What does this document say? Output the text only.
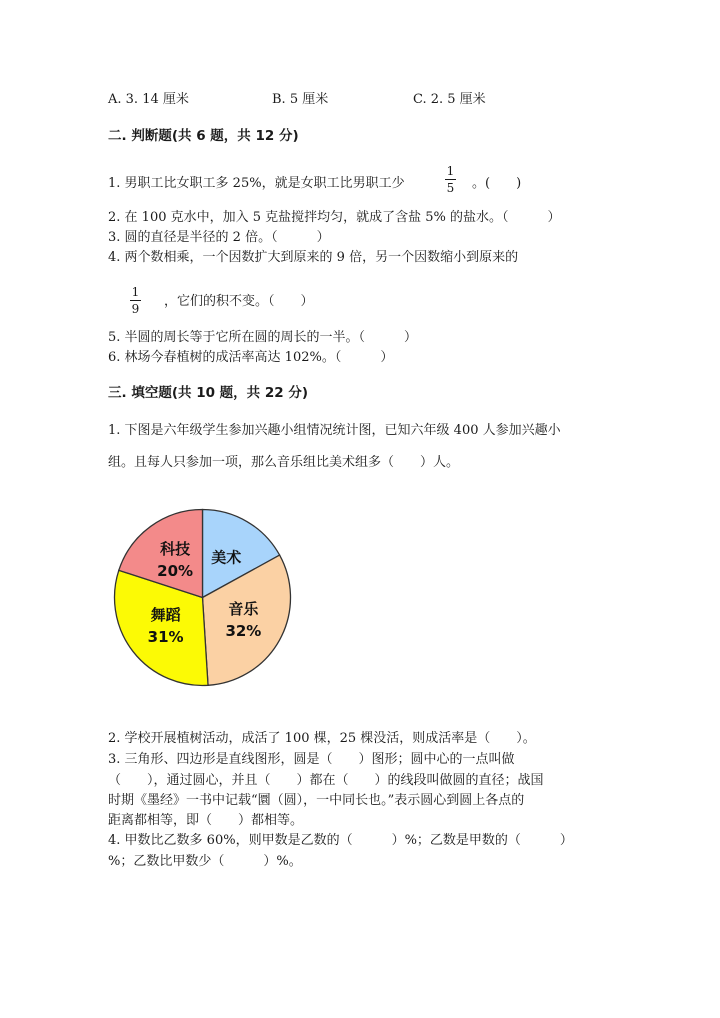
A. 3. 14 厘米	B. 5 厘米	C. 2. 5 厘米
二. 判断题(共 6 题，共 12 分)
1. 男职工比女职工多 25%，就是女职工比男职工少
1
5 。(　　)
2. 在 100 克水中，加入 5 克盐搅拌均匀，就成了含盐 5% 的盐水。（　　　）
3. 圆的直径是半径的 2 倍。（　　　）
4. 两个数相乘，一个因数扩大到原来的 9 倍，另一个因数缩小到原来的
1
9 ，它们的积不变。（　　）
5. 半圆的周长等于它所在圆的周长的一半。（　　　）
6. 林场今春植树的成活率高达 102%。（　　　）
三. 填空题(共 10 题，共 22 分)
1. 下图是六年级学生参加兴趣小组情况统计图，已知六年级 400 人参加兴趣小
组。且每人只参加一项，那么音乐组比美术组多（　　）人。
美术
音乐
32%
舞蹈
31%
科技
20%
2. 学校开展植树活动，成活了 100 棵，25 棵没活，则成活率是（　　）。
3. 三角形、四边形是直线图形，圆是（　　）图形；圆中心的一点叫做
（　　），通过圆心，并且（　　）都在（　　）的线段叫做圆的直径；战国
时期《墨经》一书中记载“圜（圆），一中同长也。”表示圆心到圆上各点的
距离都相等，即（　　）都相等。
4. 甲数比乙数多 60%，则甲数是乙数的（　　　）%；乙数是甲数的（　　　）
%；乙数比甲数少（　　　）%。
